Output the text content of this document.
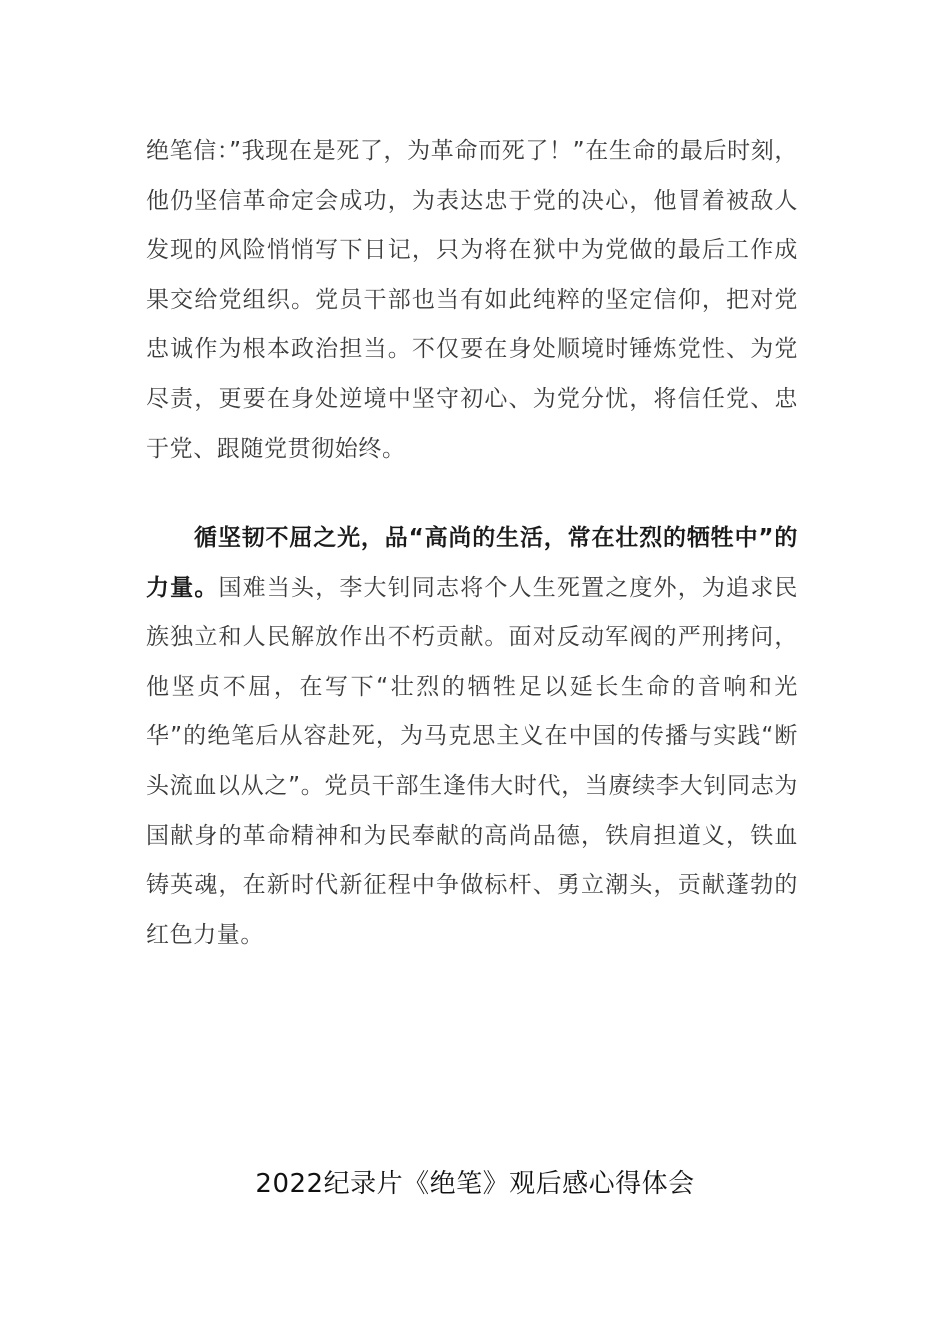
绝笔信：”我现在是死了，为革命而死了！”在生命的最后时刻，他仍坚信革命定会成功，为表达忠于党的决心，他冒着被敌人发现的风险悄悄写下日记，只为将在狱中为党做的最后工作成果交给党组织。党员干部也当有如此纯粹的坚定信仰，把对党忠诚作为根本政治担当。不仅要在身处顺境时锤炼党性、为党尽责，更要在身处逆境中坚守初心、为党分忧，将信任党、忠于党、跟随党贯彻始终。

循坚韧不屈之光，品“高尚的生活，常在壮烈的牺牲中”的力量。国难当头，李大钊同志将个人生死置之度外，为追求民族独立和人民解放作出不朽贡献。面对反动军阀的严刑拷问，他坚贞不屈，在写下“壮烈的牺牲足以延长生命的音响和光华”的绝笔后从容赴死，为马克思主义在中国的传播与实践“断头流血以从之”。党员干部生逢伟大时代，当赓续李大钊同志为国献身的革命精神和为民奉献的高尚品德，铁肩担道义，铁血铸英魂，在新时代新征程中争做标杆、勇立潮头，贡献蓬勃的红色力量。

2022纪录片《绝笔》观后感心得体会
